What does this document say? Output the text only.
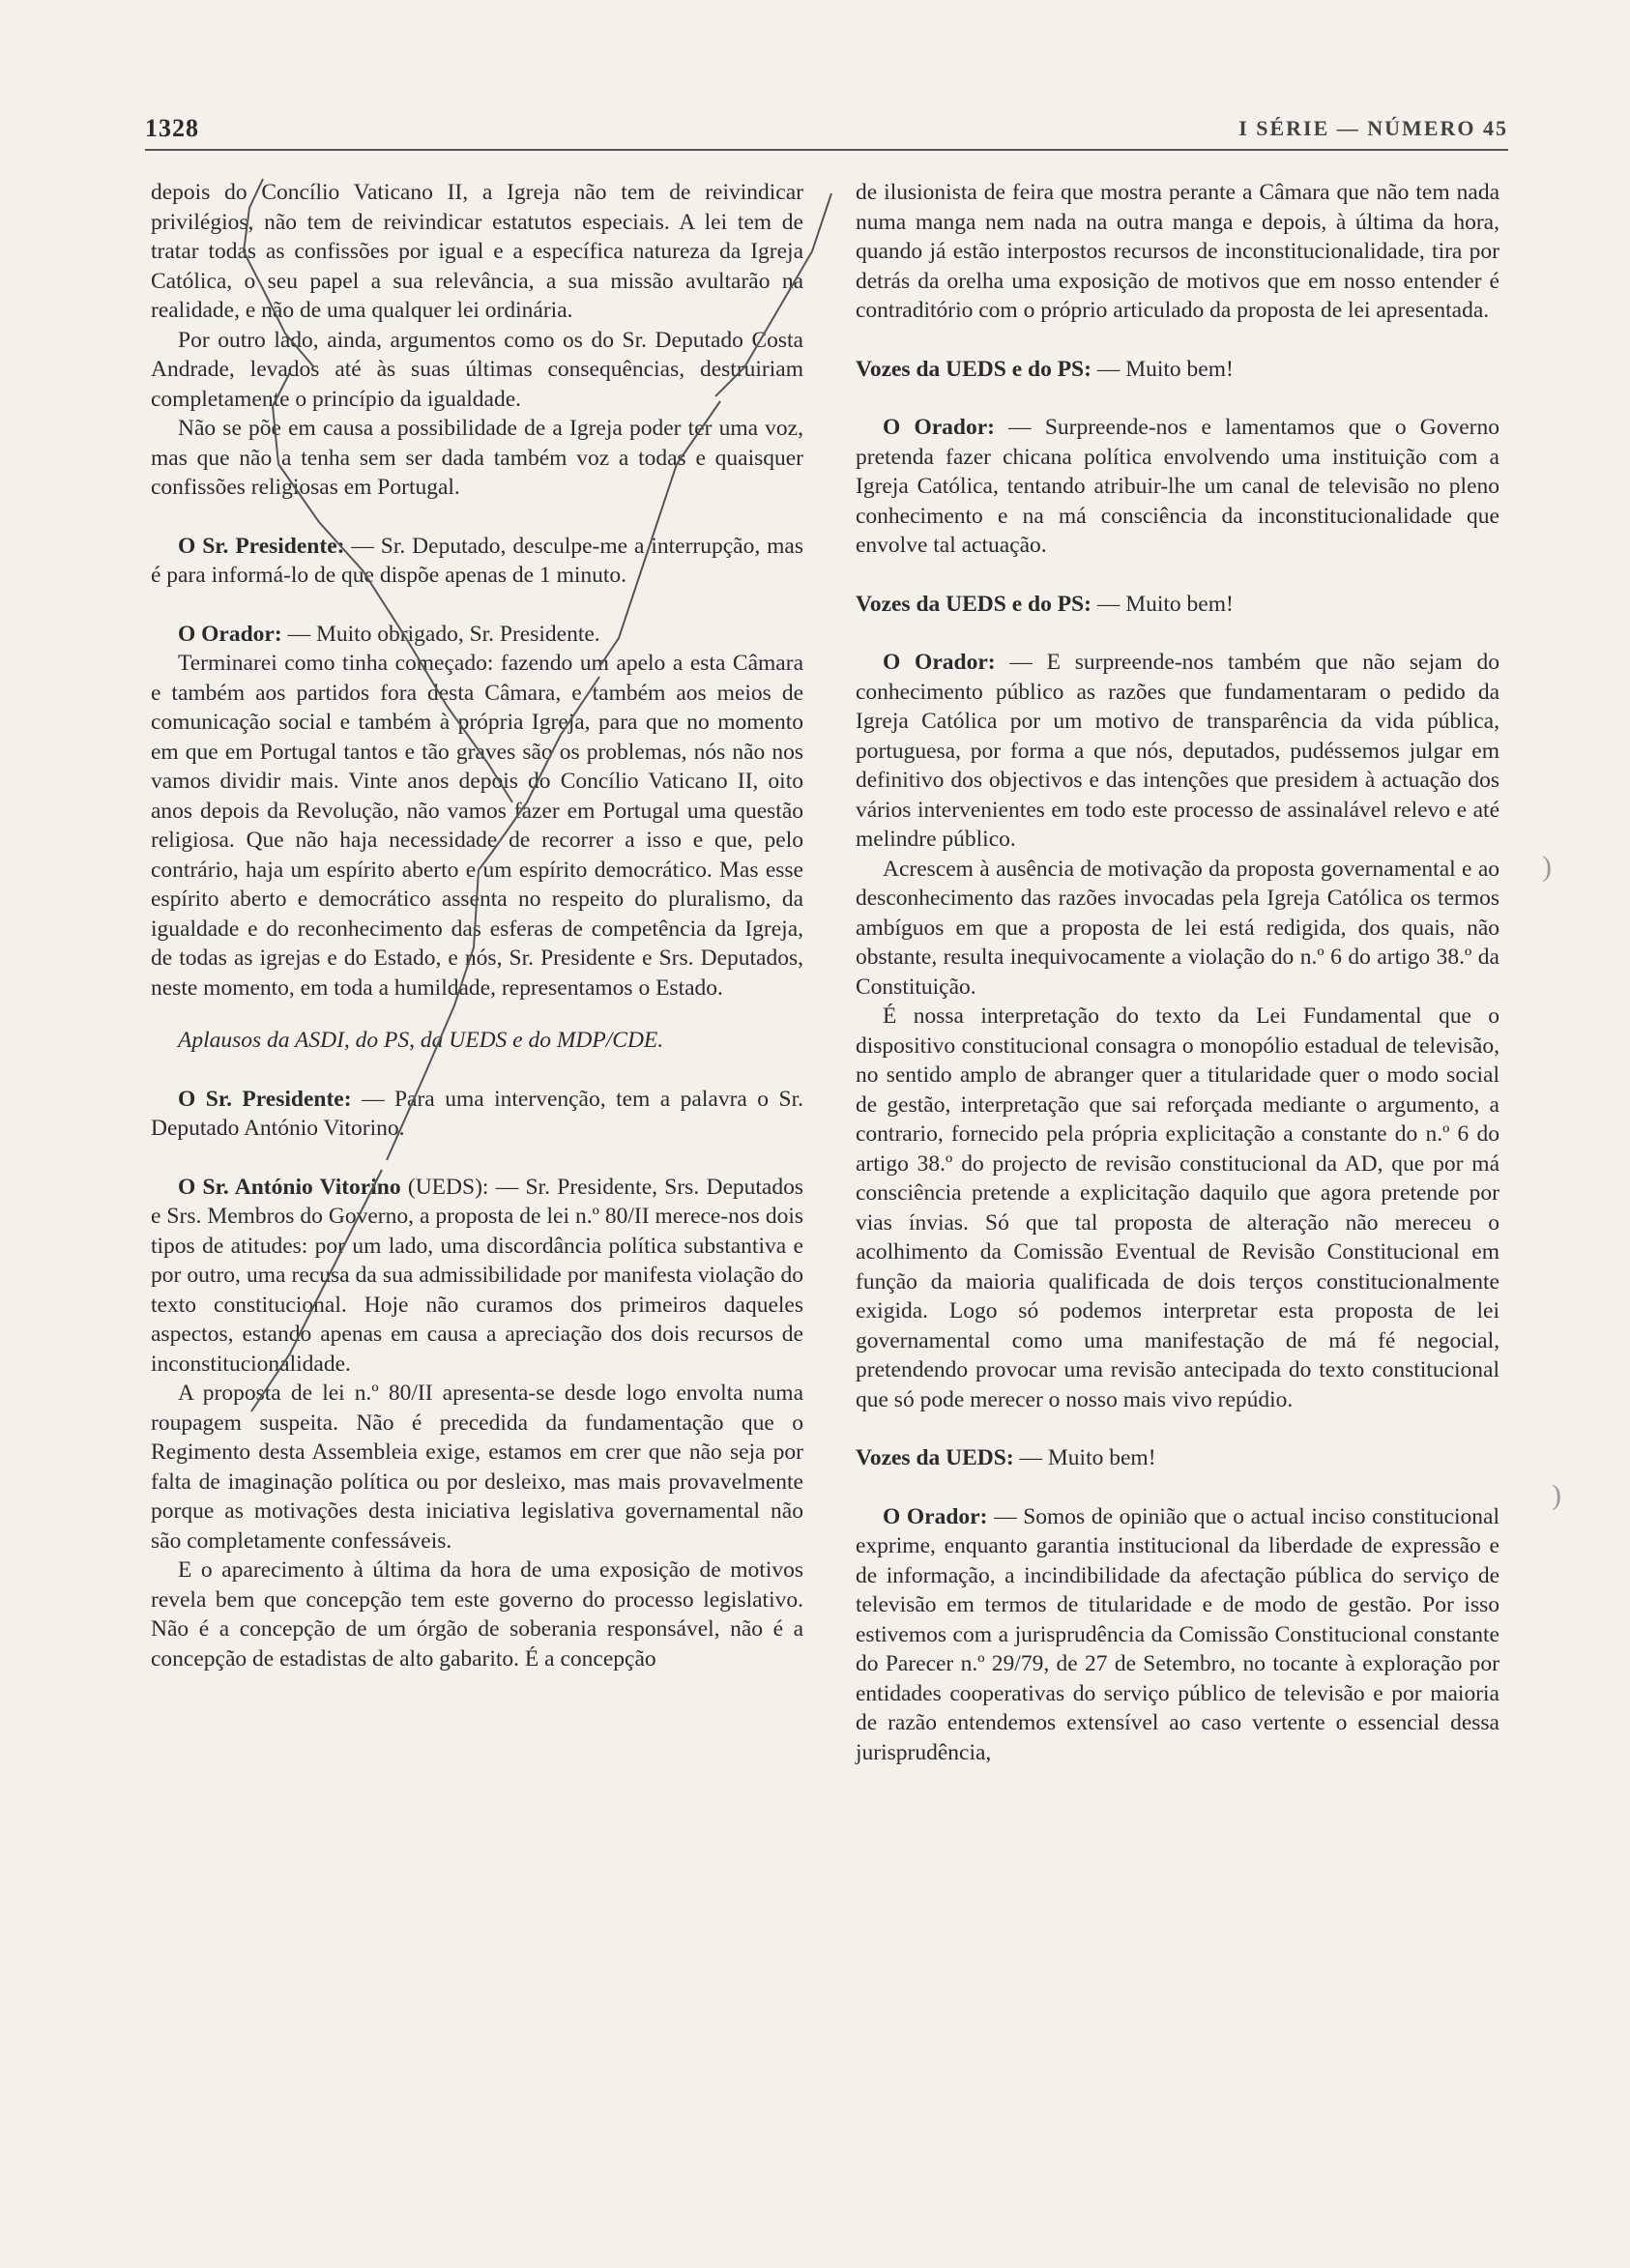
1328	I SÉRIE — NÚMERO 45

depois do Concílio Vaticano II, a Igreja não tem de reivindicar privilégios, não tem de reivindicar estatutos especiais. A lei tem de tratar todas as confissões por igual e a específica natureza da Igreja Católica, o seu papel a sua relevância, a sua missão avultarão na realidade, e não de uma qualquer lei ordinária.

Por outro lado, ainda, argumentos como os do Sr. Deputado Costa Andrade, levados até às suas últimas consequências, destruiriam completamente o princípio da igualdade.

Não se põe em causa a possibilidade de a Igreja poder ter uma voz, mas que não a tenha sem ser dada também voz a todas e quaisquer confissões religiosas em Portugal.

O Sr. Presidente: — Sr. Deputado, desculpe-me a interrupção, mas é para informá-lo de que dispõe apenas de 1 minuto.

O Orador: — Muito obrigado, Sr. Presidente.

Terminarei como tinha começado: fazendo um apelo a esta Câmara e também aos partidos fora desta Câmara, e também aos meios de comunicação social e também à própria Igreja, para que no momento em que em Portugal tantos e tão graves são os problemas, nós não nos vamos dividir mais. Vinte anos depois do Concílio Vaticano II, oito anos depois da Revolução, não vamos fazer em Portugal uma questão religiosa. Que não haja necessidade de recorrer a isso e que, pelo contrário, haja um espírito aberto e um espírito democrático. Mas esse espírito aberto e democrático assenta no respeito do pluralismo, da igualdade e do reconhecimento das esferas de competência da Igreja, de todas as igrejas e do Estado, e nós, Sr. Presidente e Srs. Deputados, neste momento, em toda a humildade, representamos o Estado.

Aplausos da ASDI, do PS, da UEDS e do MDP/CDE.

O Sr. Presidente: — Para uma intervenção, tem a palavra o Sr. Deputado António Vitorino.

O Sr. António Vitorino (UEDS): — Sr. Presidente, Srs. Deputados e Srs. Membros do Governo, a proposta de lei n.º 80/II merece-nos dois tipos de atitudes: por um lado, uma discordância política substantiva e por outro, uma recusa da sua admissibilidade por manifesta violação do texto constitucional. Hoje não curamos dos primeiros daqueles aspectos, estando apenas em causa a apreciação dos dois recursos de inconstitucionalidade.

A proposta de lei n.º 80/II apresenta-se desde logo envolta numa roupagem suspeita. Não é precedida da fundamentação que o Regimento desta Assembleia exige, estamos em crer que não seja por falta de imaginação política ou por desleixo, mas mais provavelmente porque as motivações desta iniciativa legislativa governamental não são completamente confessáveis.

E o aparecimento à última da hora de uma exposição de motivos revela bem que concepção tem este governo do processo legislativo. Não é a concepção de um órgão de soberania responsável, não é a concepção de estadistas de alto gabarito. É a concepção

de ilusionista de feira que mostra perante a Câmara que não tem nada numa manga nem nada na outra manga e depois, à última da hora, quando já estão interpostos recursos de inconstitucionalidade, tira por detrás da orelha uma exposição de motivos que em nosso entender é contraditório com o próprio articulado da proposta de lei apresentada.

Vozes da UEDS e do PS: — Muito bem!

O Orador: — Surpreende-nos e lamentamos que o Governo pretenda fazer chicana política envolvendo uma instituição com a Igreja Católica, tentando atribuir-lhe um canal de televisão no pleno conhecimento e na má consciência da inconstitucionalidade que envolve tal actuação.

Vozes da UEDS e do PS: — Muito bem!

O Orador: — E surpreende-nos também que não sejam do conhecimento público as razões que fundamentaram o pedido da Igreja Católica por um motivo de transparência da vida pública, portuguesa, por forma a que nós, deputados, pudéssemos julgar em definitivo dos objectivos e das intenções que presidem à actuação dos vários intervenientes em todo este processo de assinalável relevo e até melindre público.

Acrescem à ausência de motivação da proposta governamental e ao desconhecimento das razões invocadas pela Igreja Católica os termos ambíguos em que a proposta de lei está redigida, dos quais, não obstante, resulta inequivocamente a violação do n.º 6 do artigo 38.º da Constituição.

É nossa interpretação do texto da Lei Fundamental que o dispositivo constitucional consagra o monopólio estadual de televisão, no sentido amplo de abranger quer a titularidade quer o modo social de gestão, interpretação que sai reforçada mediante o argumento, a contrario, fornecido pela própria explicitação a constante do n.º 6 do artigo 38.º do projecto de revisão constitucional da AD, que por má consciência pretende a explicitação daquilo que agora pretende por vias ínvias. Só que tal proposta de alteração não mereceu o acolhimento da Comissão Eventual de Revisão Constitucional em função da maioria qualificada de dois terços constitucionalmente exigida. Logo só podemos interpretar esta proposta de lei governamental como uma manifestação de má fé negocial, pretendendo provocar uma revisão antecipada do texto constitucional que só pode merecer o nosso mais vivo repúdio.

Vozes da UEDS: — Muito bem!

O Orador: — Somos de opinião que o actual inciso constitucional exprime, enquanto garantia institucional da liberdade de expressão e de informação, a incindibilidade da afectação pública do serviço de televisão em termos de titularidade e de modo de gestão. Por isso estivemos com a jurisprudência da Comissão Constitucional constante do Parecer n.º 29/79, de 27 de Setembro, no tocante à exploração por entidades cooperativas do serviço público de televisão e por maioria de razão entendemos extensível ao caso vertente o essencial dessa jurisprudência,

)
)
